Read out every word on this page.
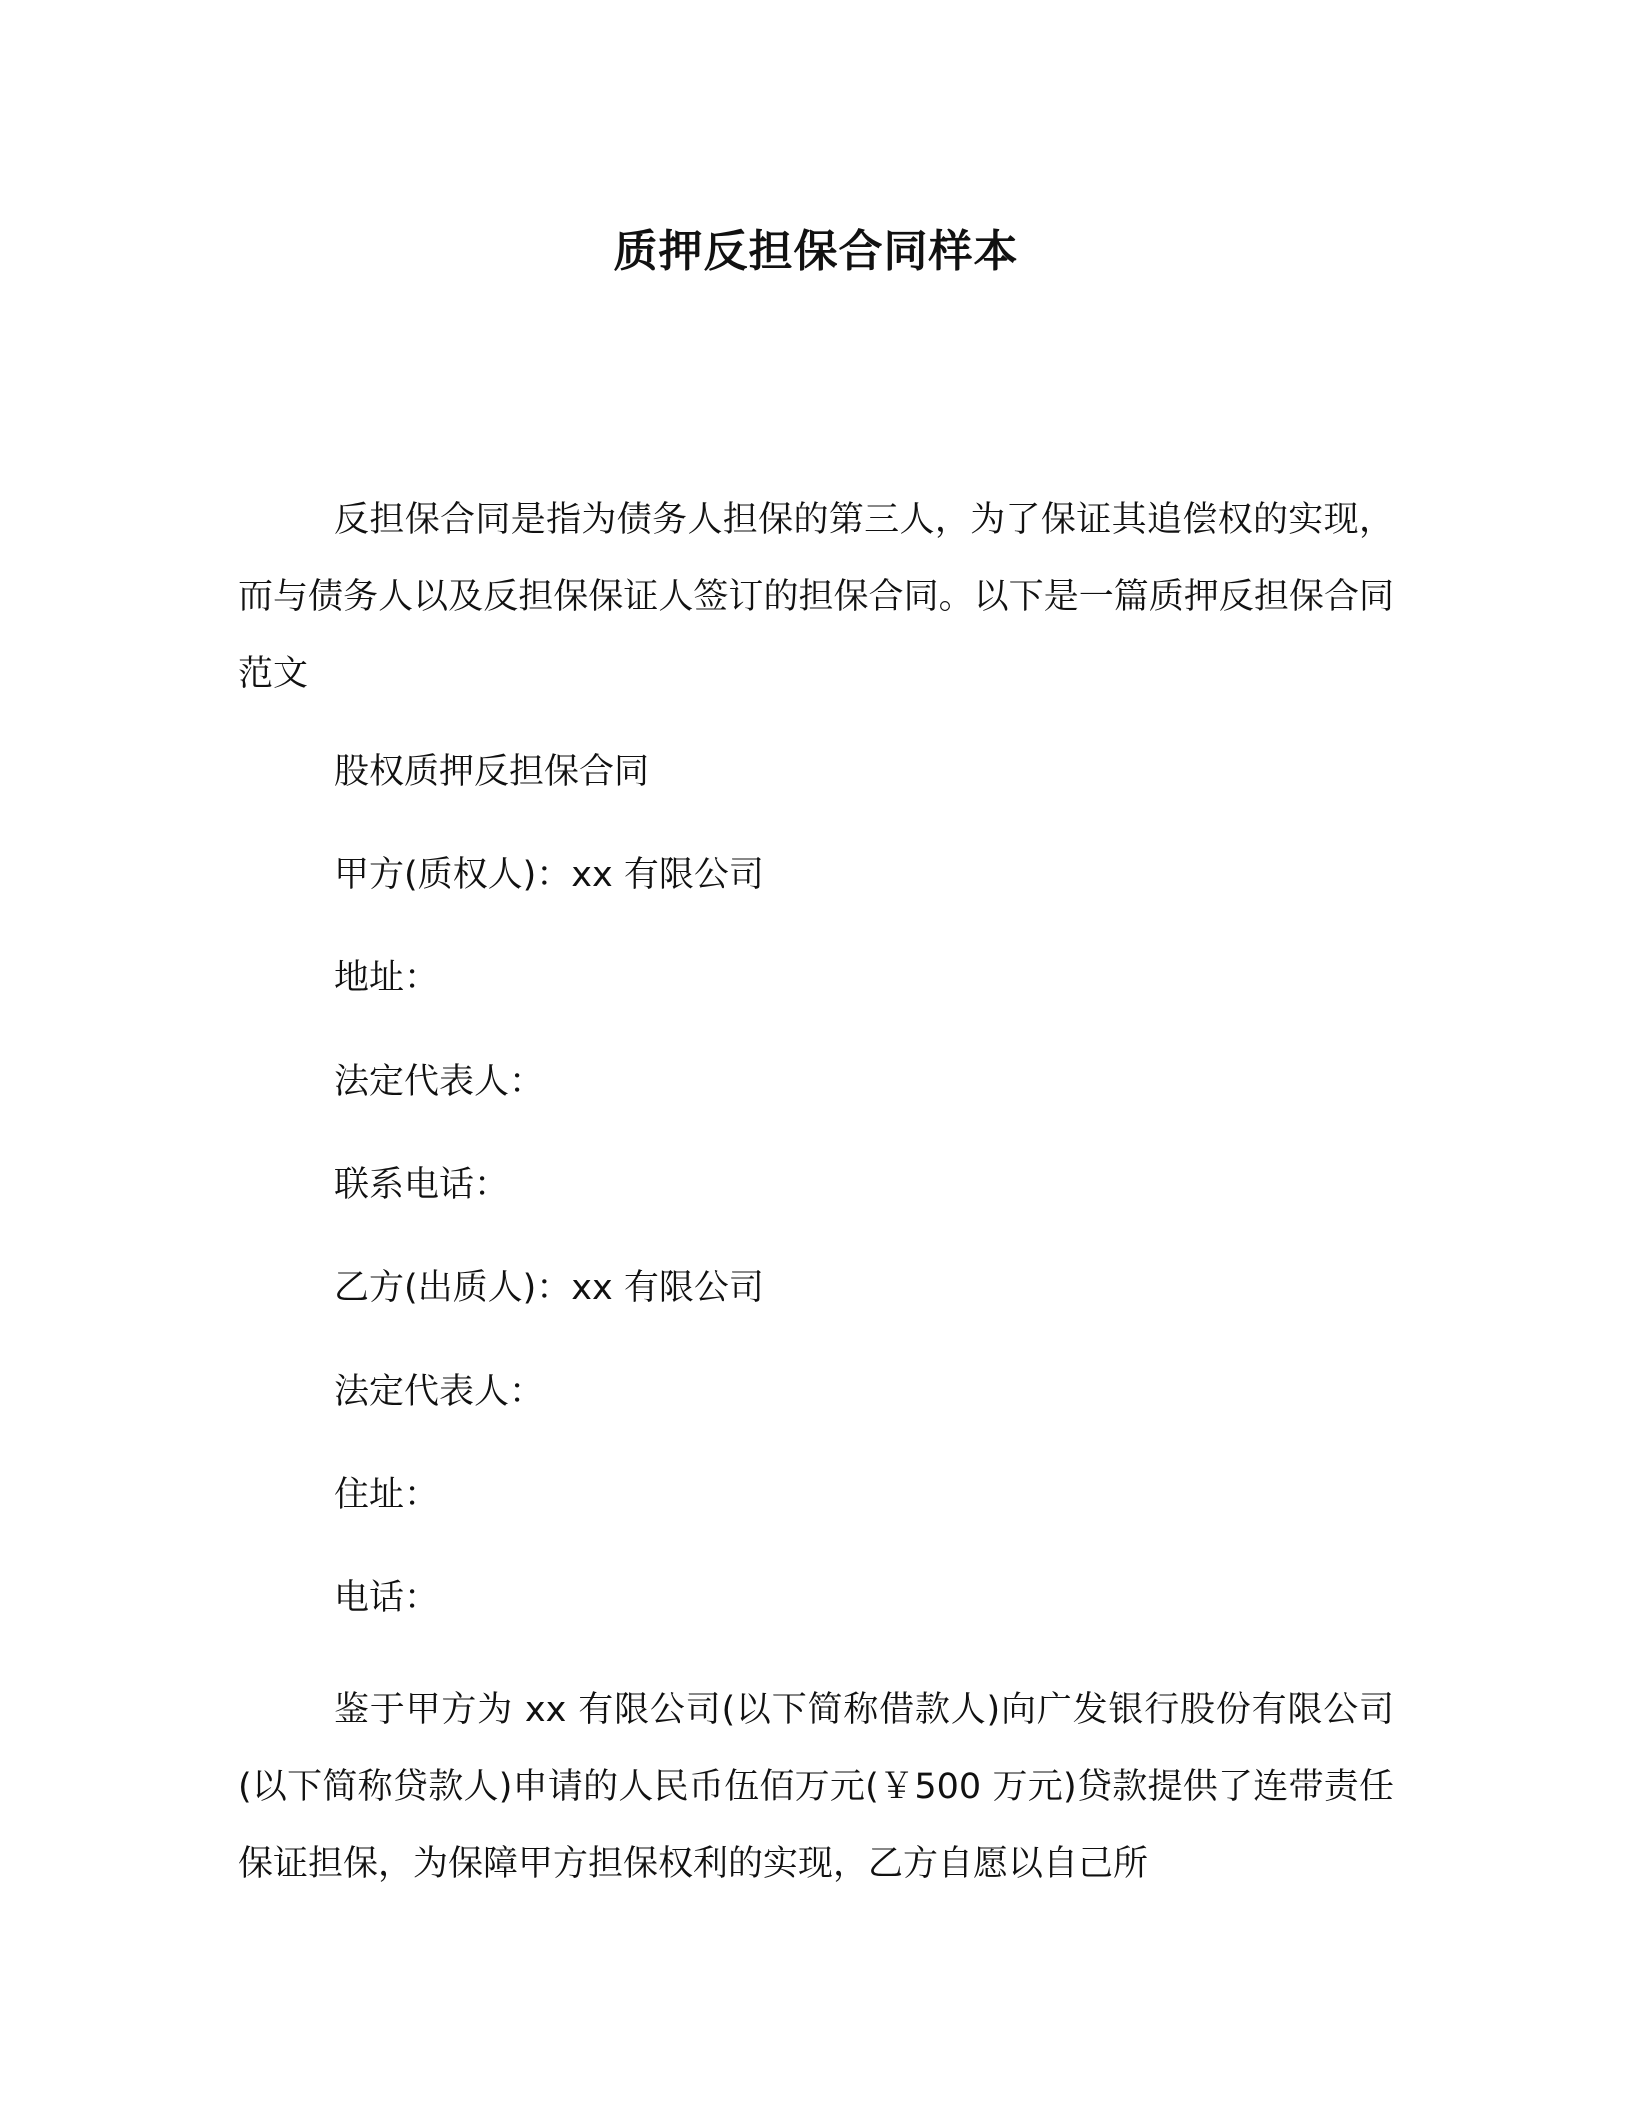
质押反担保合同样本
反担保合同是指为债务人担保的第三人，为了保证其追偿权的实现，而与债务人以及反担保保证人签订的担保合同。以下是一篇质押反担保合同范文
股权质押反担保合同
甲方(质权人)：xx 有限公司
地址：
法定代表人：
联系电话：
乙方(出质人)：xx 有限公司
法定代表人：
住址：
电话：
鉴于甲方为 xx 有限公司(以下简称借款人)向广发银行股份有限公司(以下简称贷款人)申请的人民币伍佰万元(￥500 万元)贷款提供了连带责任保证担保，为保障甲方担保权利的实现，乙方自愿以自己所
